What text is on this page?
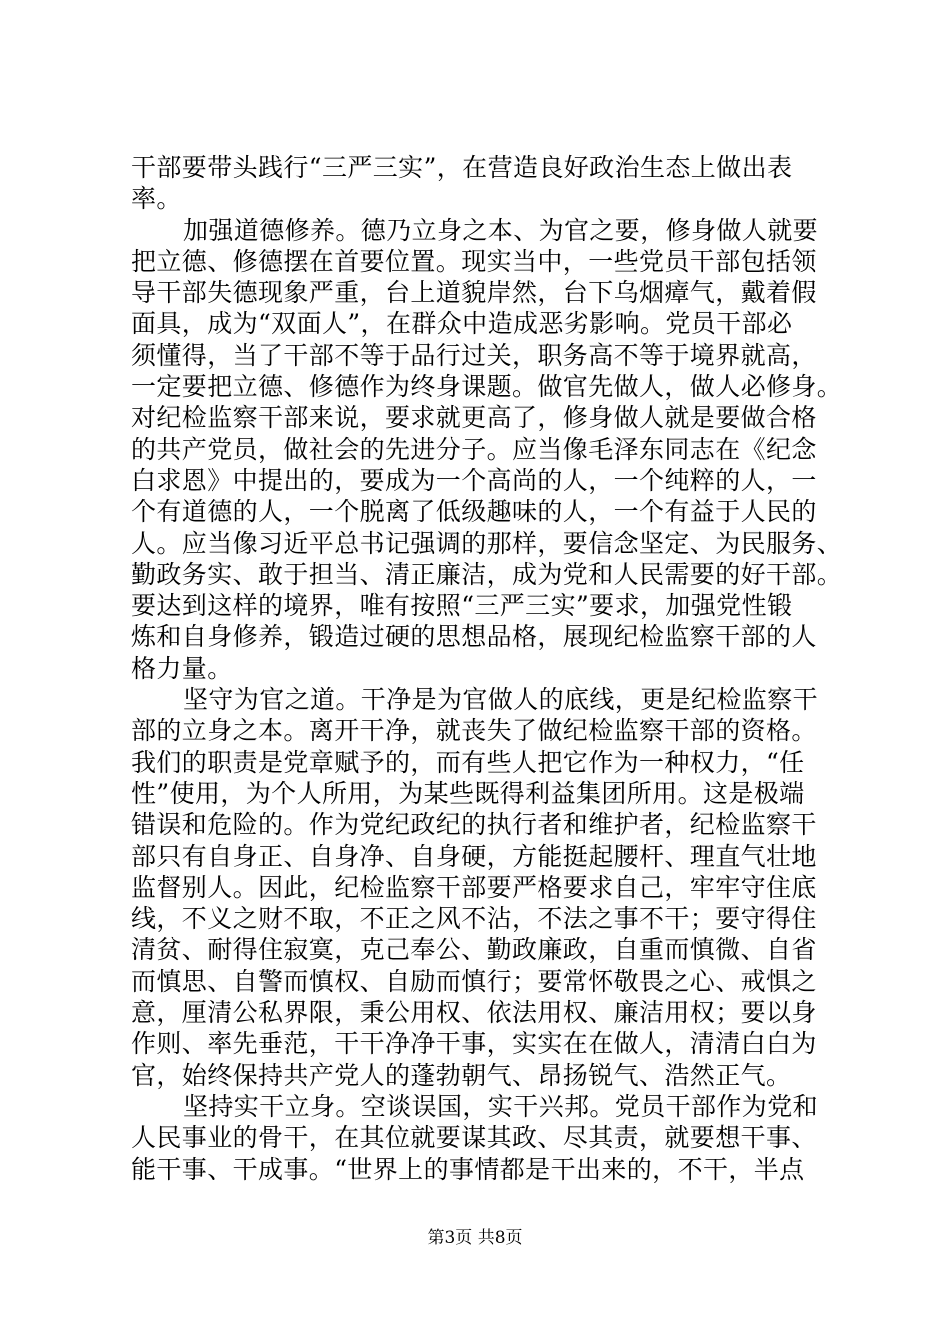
干部要带头践行“三严三实”，在营造良好政治生态上做出表
率。
加强道德修养。德乃立身之本、为官之要，修身做人就要
把立德、修德摆在首要位置。现实当中，一些党员干部包括领
导干部失德现象严重，台上道貌岸然，台下乌烟瘴气，戴着假
面具，成为“双面人”，在群众中造成恶劣影响。党员干部必
须懂得，当了干部不等于品行过关，职务高不等于境界就高，
一定要把立德、修德作为终身课题。做官先做人，做人必修身。
对纪检监察干部来说，要求就更高了，修身做人就是要做合格
的共产党员，做社会的先进分子。应当像毛泽东同志在《纪念
白求恩》中提出的，要成为一个高尚的人，一个纯粹的人，一
个有道德的人，一个脱离了低级趣味的人，一个有益于人民的
人。应当像习近平总书记强调的那样，要信念坚定、为民服务、
勤政务实、敢于担当、清正廉洁，成为党和人民需要的好干部。
要达到这样的境界，唯有按照“三严三实”要求，加强党性锻
炼和自身修养，锻造过硬的思想品格，展现纪检监察干部的人
格力量。
坚守为官之道。干净是为官做人的底线，更是纪检监察干
部的立身之本。离开干净，就丧失了做纪检监察干部的资格。
我们的职责是党章赋予的，而有些人把它作为一种权力，“任
性”使用，为个人所用，为某些既得利益集团所用。这是极端
错误和危险的。作为党纪政纪的执行者和维护者，纪检监察干
部只有自身正、自身净、自身硬，方能挺起腰杆、理直气壮地
监督别人。因此，纪检监察干部要严格要求自己，牢牢守住底
线，不义之财不取，不正之风不沾，不法之事不干；要守得住
清贫、耐得住寂寞，克己奉公、勤政廉政，自重而慎微、自省
而慎思、自警而慎权、自励而慎行；要常怀敬畏之心、戒惧之
意，厘清公私界限，秉公用权、依法用权、廉洁用权；要以身
作则、率先垂范，干干净净干事，实实在在做人，清清白白为
官，始终保持共产党人的蓬勃朝气、昂扬锐气、浩然正气。
坚持实干立身。空谈误国，实干兴邦。党员干部作为党和
人民事业的骨干，在其位就要谋其政、尽其责，就要想干事、
能干事、干成事。“世界上的事情都是干出来的，不干，半点
第3页 共8页
